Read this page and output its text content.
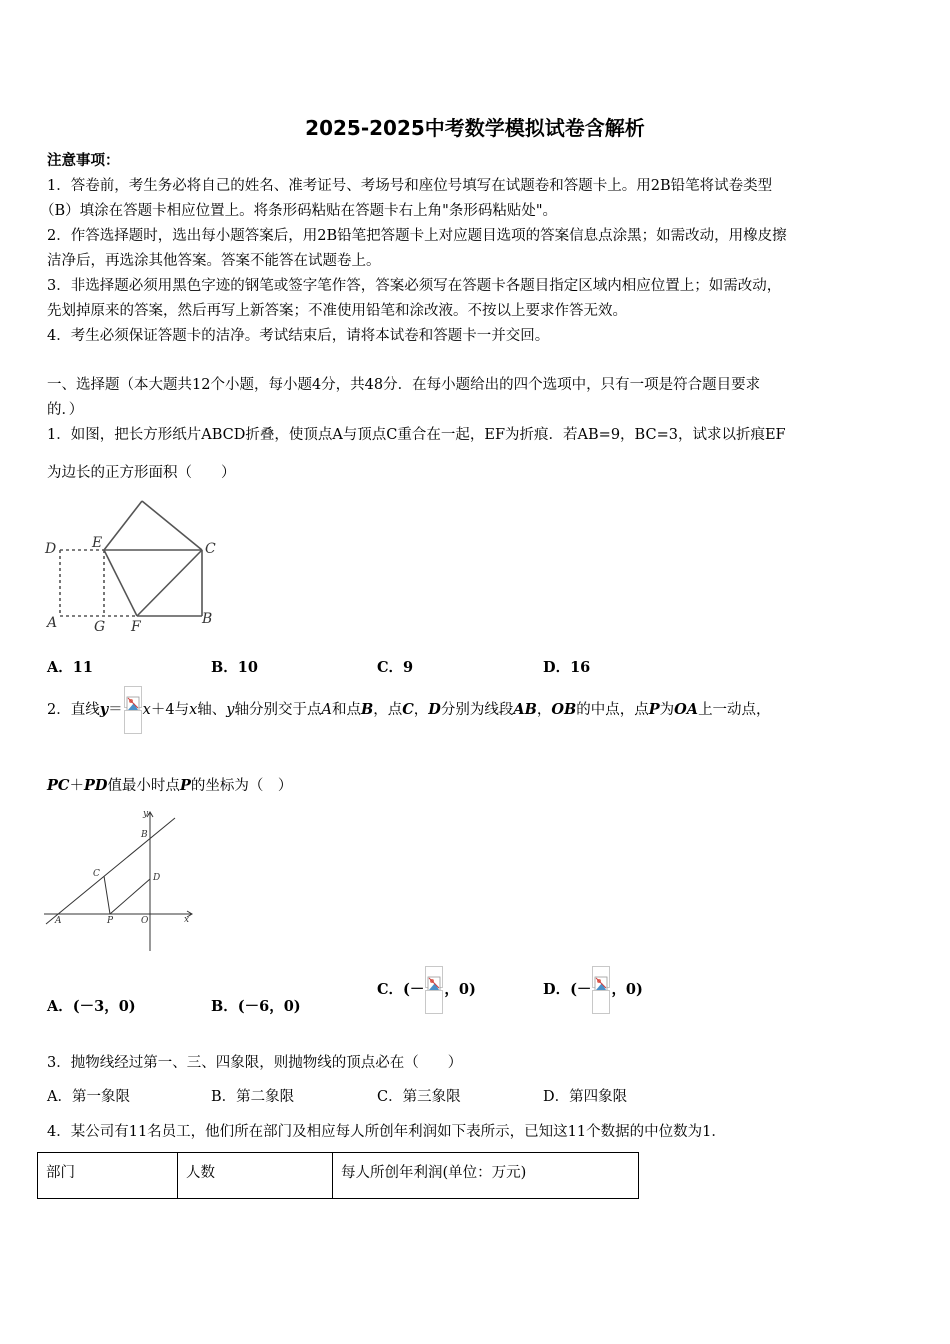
2025-2025中考数学模拟试卷含解析
注意事项：
1．答卷前，考生务必将自己的姓名、准考证号、考场号和座位号填写在试题卷和答题卡上。用2B铅笔将试卷类型
（B）填涂在答题卡相应位置上。将条形码粘贴在答题卡右上角"条形码粘贴处"。
2．作答选择题时，选出每小题答案后，用2B铅笔把答题卡上对应题目选项的答案信息点涂黑；如需改动，用橡皮擦
洁净后，再选涂其他答案。答案不能答在试题卷上。
3．非选择题必须用黑色字迹的钢笔或签字笔作答，答案必须写在答题卡各题目指定区域内相应位置上；如需改动，
先划掉原来的答案，然后再写上新答案；不准使用铅笔和涂改液。不按以上要求作答无效。
4．考生必须保证答题卡的洁净。考试结束后，请将本试卷和答题卡一并交回。
一、选择题（本大题共12个小题，每小题4分，共48分．在每小题给出的四个选项中，只有一项是符合题目要求
的．）
1．如图，把长方形纸片ABCD折叠，使顶点A与顶点C重合在一起，EF为折痕．若AB=9，BC=3，试求以折痕EF
为边长的正方形面积（　　）
D	E	C
A	G F	B
A．11	B．10	C．9	D．16
2．直线y＝ x＋4与x轴、y轴分别交于点A和点B，点C，D分别为线段AB，OB的中点，点P为OA上一动点，
PC＋PD值最小时点P的坐标为（　）
y
B
C	D
A	P	O	x
A．(－3，0)	B．(－6，0)
C．(－ ，0)	D．(－ ，0)
3．抛物线经过第一、三、四象限，则抛物线的顶点必在（　　）
A．第一象限	B．第二象限	C．第三象限	D．第四象限
4．某公司有11名员工，他们所在部门及相应每人所创年利润如下表所示，已知这11个数据的中位数为1．
部门	人数	每人所创年利润(单位：万元)
